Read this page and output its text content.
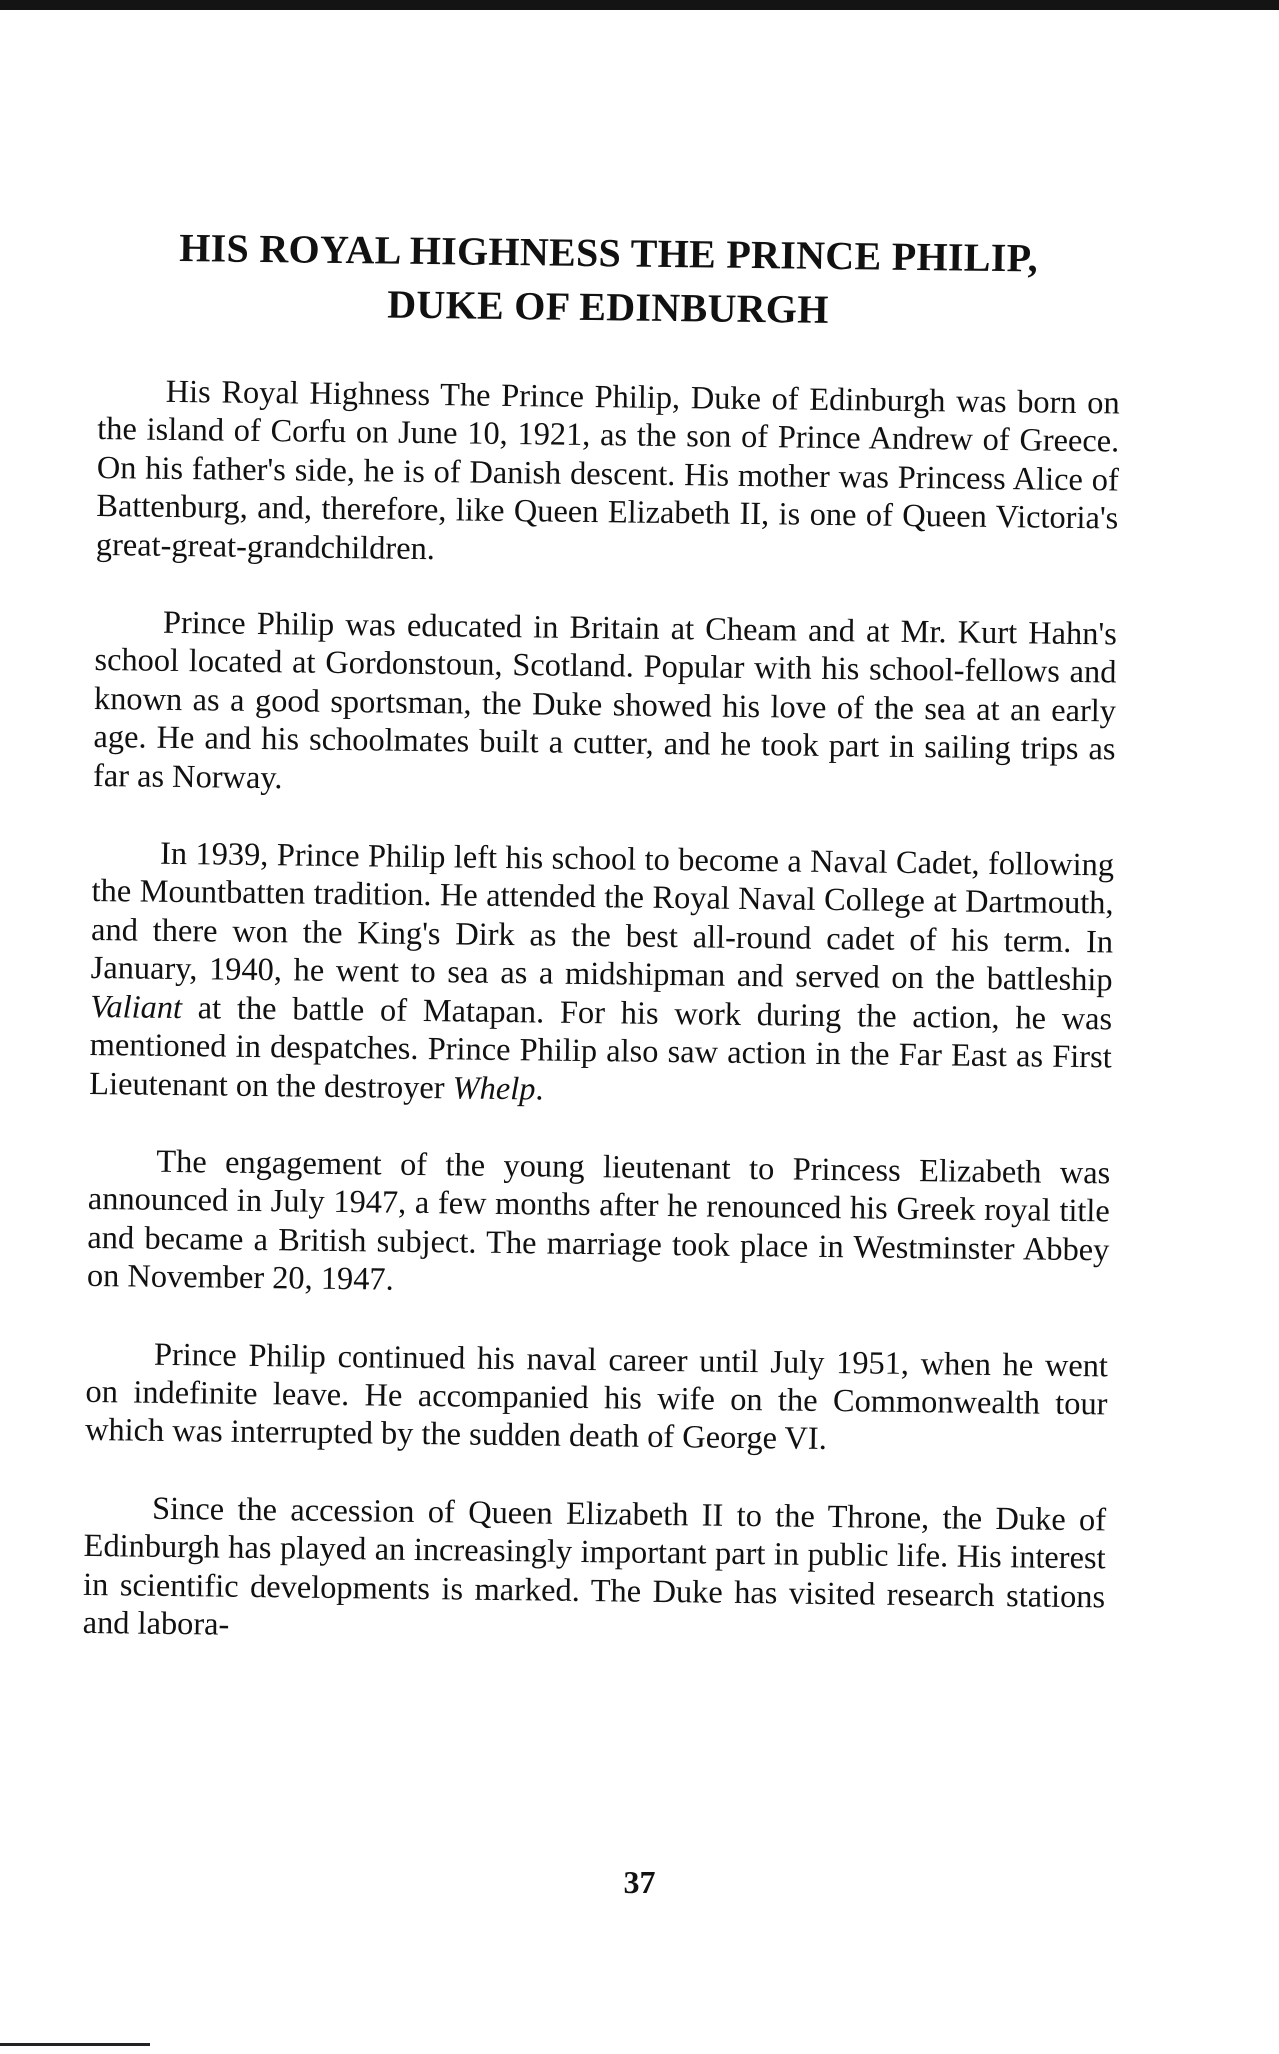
HIS ROYAL HIGHNESS THE PRINCE PHILIP,
DUKE OF EDINBURGH

His Royal Highness The Prince Philip, Duke of Edinburgh was born on the island of Corfu on June 10, 1921, as the son of Prince Andrew of Greece. On his father's side, he is of Danish descent. His mother was Princess Alice of Battenburg, and, therefore, like Queen Elizabeth II, is one of Queen Victoria's great-great-grandchildren.

Prince Philip was educated in Britain at Cheam and at Mr. Kurt Hahn's school located at Gordonstoun, Scotland. Popular with his school-fellows and known as a good sportsman, the Duke showed his love of the sea at an early age. He and his schoolmates built a cutter, and he took part in sailing trips as far as Norway.

In 1939, Prince Philip left his school to become a Naval Cadet, following the Mountbatten tradition. He attended the Royal Naval College at Dartmouth, and there won the King's Dirk as the best all-round cadet of his term. In January, 1940, he went to sea as a midshipman and served on the battleship Valiant at the battle of Matapan. For his work during the action, he was mentioned in despatches. Prince Philip also saw action in the Far East as First Lieutenant on the destroyer Whelp.

The engagement of the young lieutenant to Princess Elizabeth was announced in July 1947, a few months after he renounced his Greek royal title and became a British subject. The marriage took place in Westminster Abbey on November 20, 1947.

Prince Philip continued his naval career until July 1951, when he went on indefinite leave. He accompanied his wife on the Commonwealth tour which was interrupted by the sudden death of George VI.

Since the accession of Queen Elizabeth II to the Throne, the Duke of Edinburgh has played an increasingly important part in public life. His interest in scientific developments is marked. The Duke has visited research stations and labora-

37
